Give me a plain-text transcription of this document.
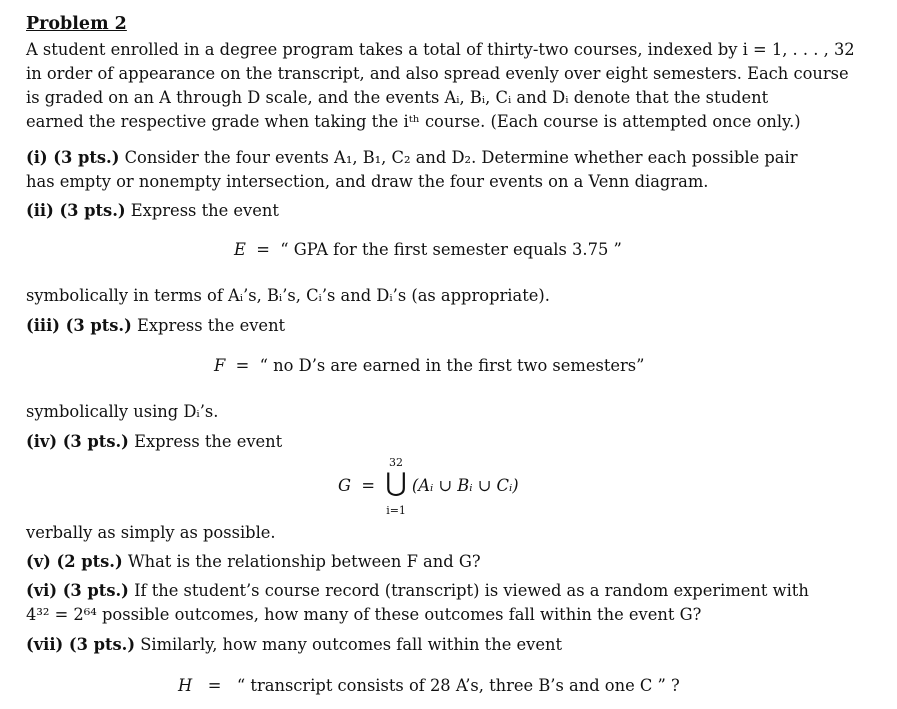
Problem 2

A student enrolled in a degree program takes a total of thirty-two courses, indexed by i = 1, . . . , 32

in order of appearance on the transcript, and also spread evenly over eight semesters. Each course

is graded on an A through D scale, and the events Aᵢ, Bᵢ, Cᵢ and Dᵢ denote that the student

earned the respective grade when taking the iᵗʰ course. (Each course is attempted once only.)

(i) (3 pts.) Consider the four events A₁, B₁, C₂ and D₂. Determine whether each possible pair
has empty or nonempty intersection, and draw the four events on a Venn diagram.
(ii) (3 pts.) Express the event
E = “ GPA for the first semester equals 3.75 ”
symbolically in terms of Aᵢ’s, Bᵢ’s, Cᵢ’s and Dᵢ’s (as appropriate).
(iii) (3 pts.) Express the event
F = “ no D’s are earned in the first two semesters”
symbolically using Dᵢ’s.
(iv) (3 pts.) Express the event
G =
32
⋃
i=1
(Aᵢ ∪ Bᵢ ∪ Cᵢ)
verbally as simply as possible.
(v) (2 pts.) What is the relationship between F and G?
(vi) (3 pts.) If the student’s course record (transcript) is viewed as a random experiment with
4³² = 2⁶⁴ possible outcomes, how many of these outcomes fall within the event G?
(vii) (3 pts.) Similarly, how many outcomes fall within the event
H = “ transcript consists of 28 A’s, three B’s and one C ” ?
